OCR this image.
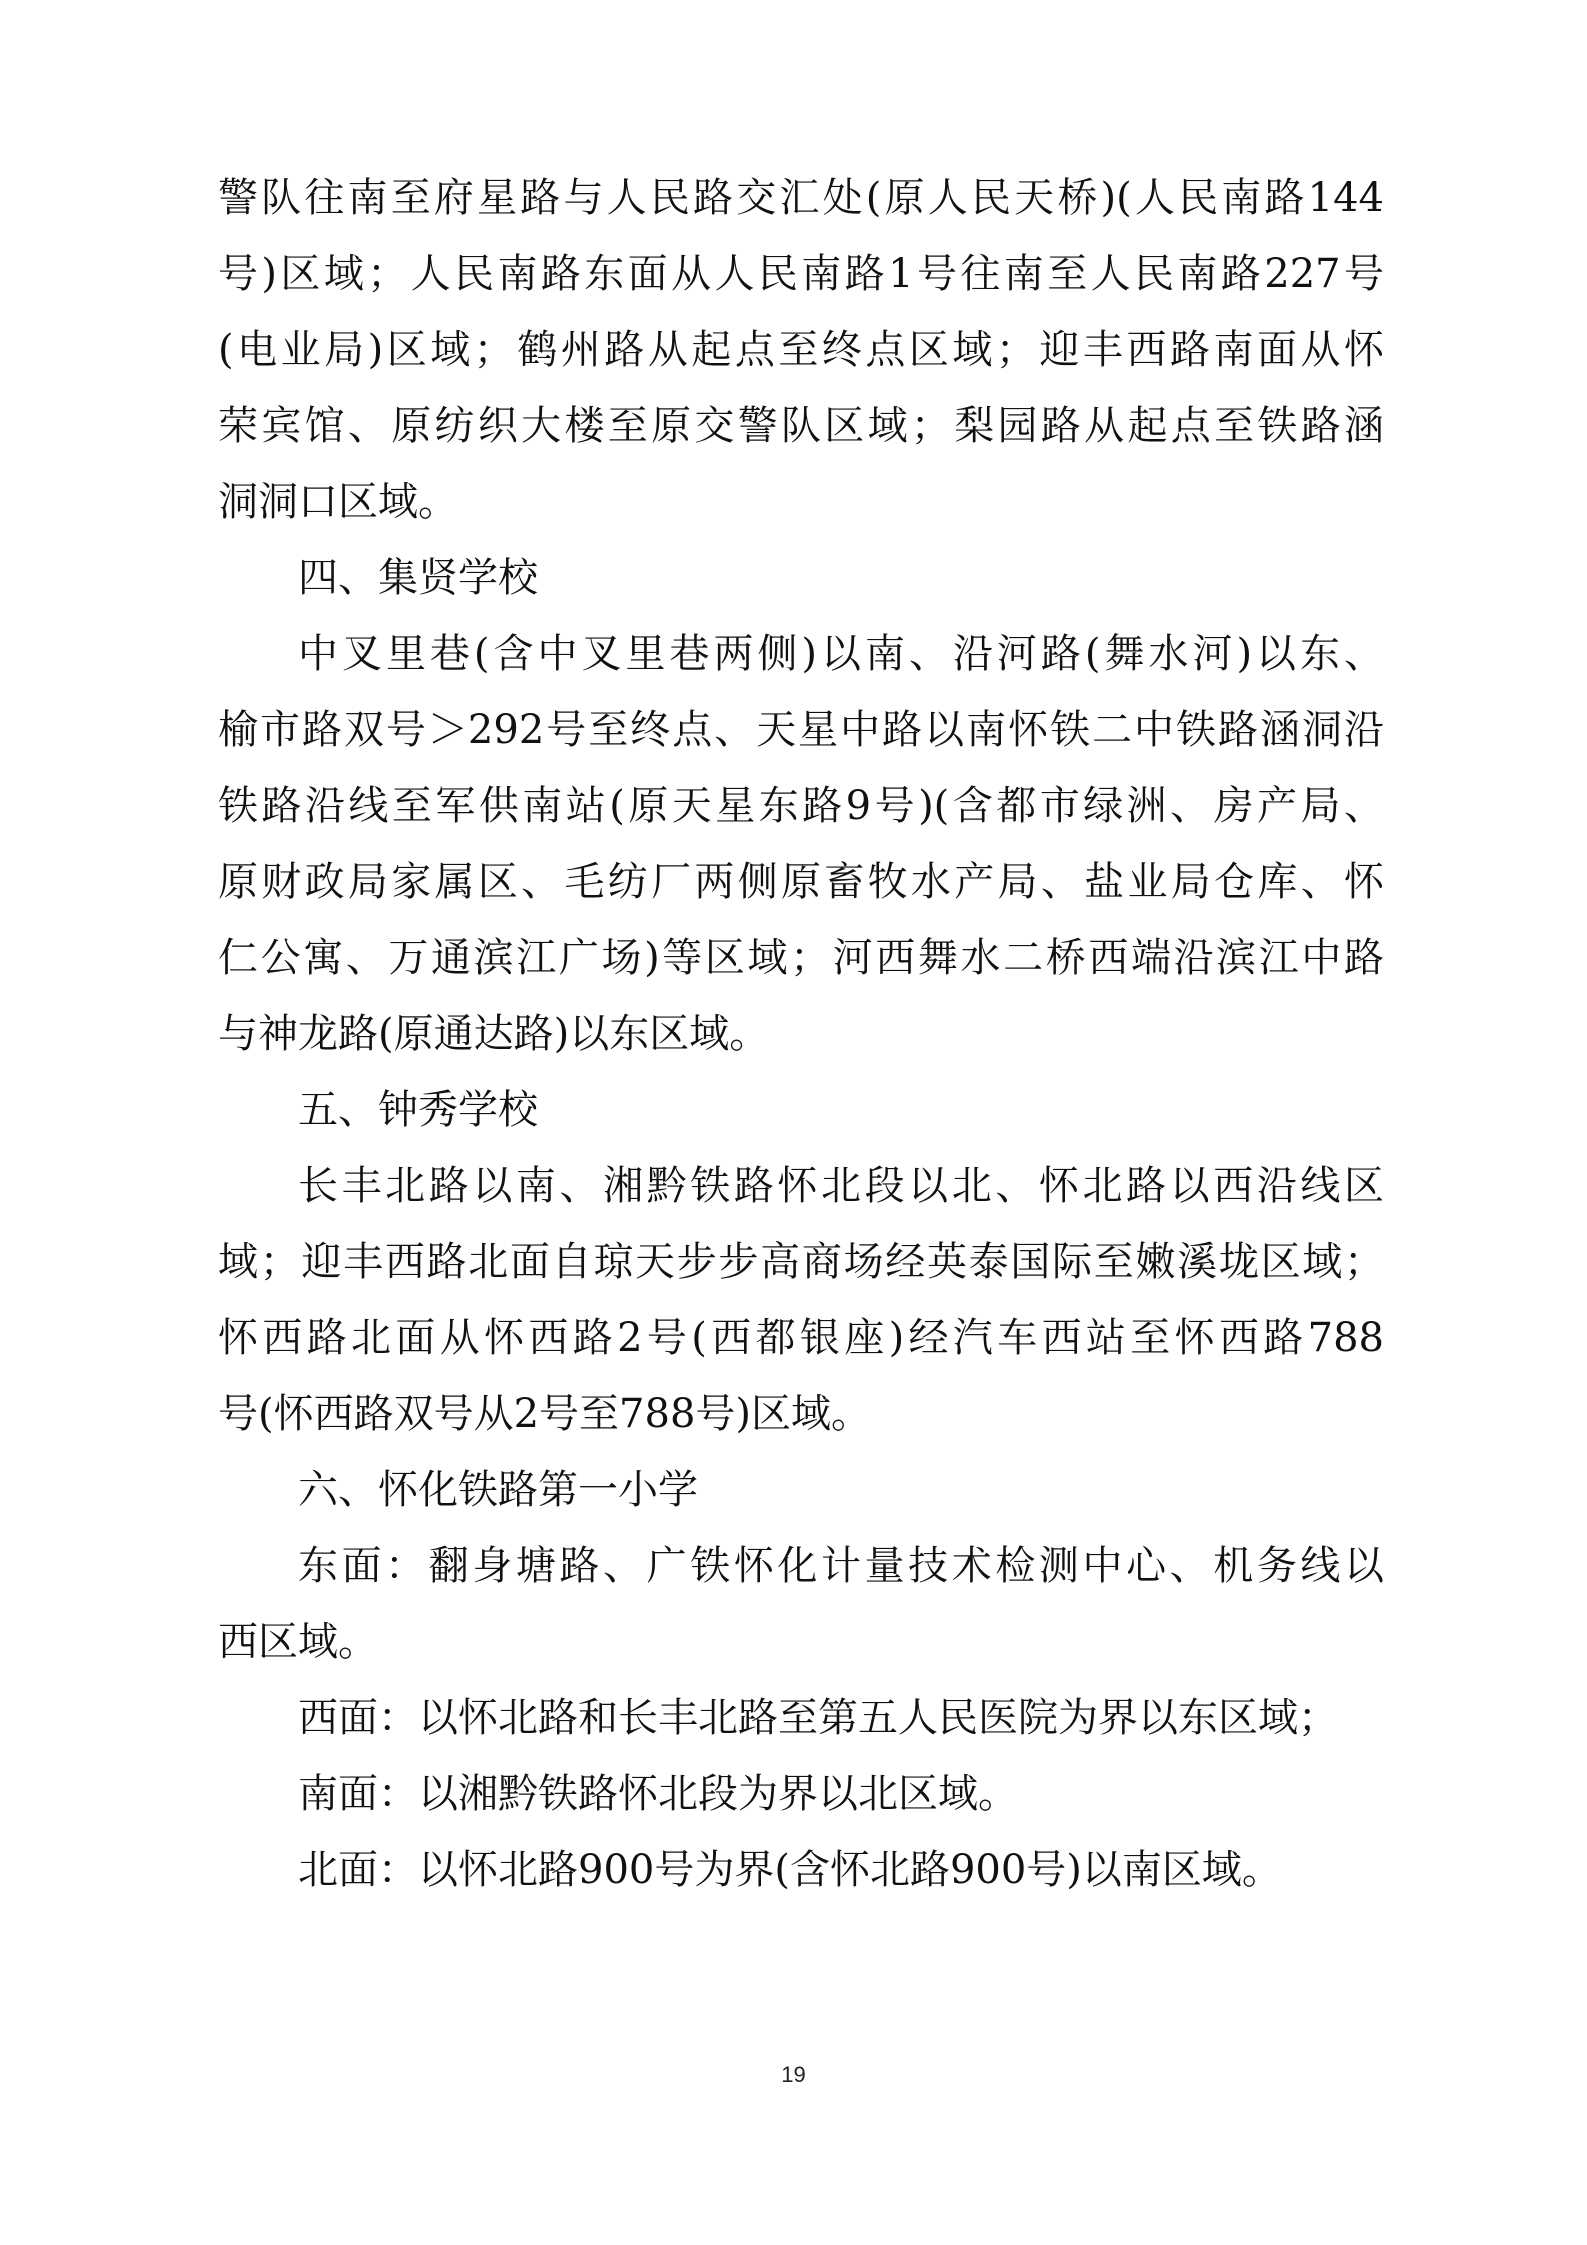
警队往南至府星路与人民路交汇处(原人民天桥)(人民南路144
号)区域；人民南路东面从人民南路1号往南至人民南路227号
(电业局)区域；鹤州路从起点至终点区域；迎丰西路南面从怀
荣宾馆、原纺织大楼至原交警队区域；梨园路从起点至铁路涵
洞洞口区域。
四、集贤学校
中叉里巷(含中叉里巷两侧)以南、沿河路(舞水河)以东、
榆市路双号＞292号至终点、天星中路以南怀铁二中铁路涵洞沿
铁路沿线至军供南站(原天星东路9号)(含都市绿洲、房产局、
原财政局家属区、毛纺厂两侧原畜牧水产局、盐业局仓库、怀
仁公寓、万通滨江广场)等区域；河西舞水二桥西端沿滨江中路
与神龙路(原通达路)以东区域。
五、钟秀学校
长丰北路以南、湘黔铁路怀北段以北、怀北路以西沿线区
域；迎丰西路北面自琼天步步高商场经英泰国际至嫩溪垅区域；
怀西路北面从怀西路2号(西都银座)经汽车西站至怀西路788
号(怀西路双号从2号至788号)区域。
六、怀化铁路第一小学
东面：翻身塘路、广铁怀化计量技术检测中心、机务线以
西区域。
西面：以怀北路和长丰北路至第五人民医院为界以东区域；
南面：以湘黔铁路怀北段为界以北区域。
北面：以怀北路900号为界(含怀北路900号)以南区域。
19
